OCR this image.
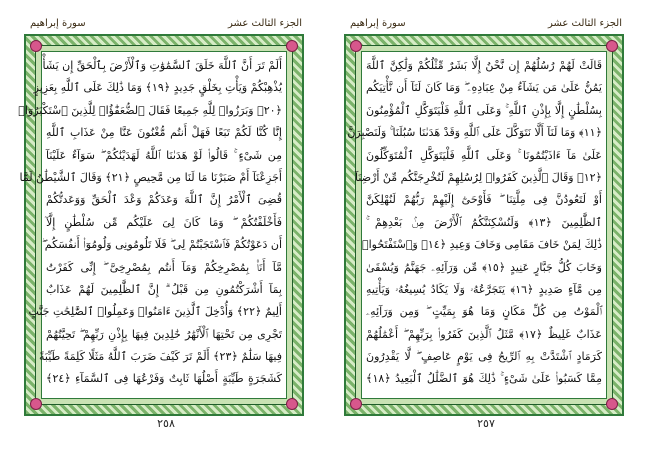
الجزء الثالث عشر
سورة إبراهيم
أَلَمْ تَرَ أَنَّ ٱللَّهَ خَلَقَ ٱلسَّمَٰوَٰتِ وَٱلْأَرْضَ بِٱلْحَقِّ إِن يَشَأْ
يُذْهِبْكُمْ وَيَأْتِ بِخَلْقٍ جَدِيدٍ ﴿١٩﴾ وَمَا ذَٰلِكَ عَلَى ٱللَّهِ بِعَزِيزٍ
﴿٢٠﴾ وَبَرَزُوا۟ لِلَّهِ جَمِيعًا فَقَالَ ٱلضُّعَفَٰٓؤُا۟ لِلَّذِينَ ٱسْتَكْبَرُوٓا۟
إِنَّا كُنَّا لَكُمْ تَبَعًا فَهَلْ أَنتُم مُّغْنُونَ عَنَّا مِنْ عَذَابِ ٱللَّهِ
مِن شَىْءٍ ۚ قَالُوا۟ لَوْ هَدَىٰنَا ٱللَّهُ لَهَدَيْنَٰكُمْ ۖ سَوَآءٌ عَلَيْنَآ
أَجَزِعْنَآ أَمْ صَبَرْنَا مَا لَنَا مِن مَّحِيصٍ ﴿٢١﴾ وَقَالَ ٱلشَّيْطَٰنُ لَمَّا
قُضِىَ ٱلْأَمْرُ إِنَّ ٱللَّهَ وَعَدَكُمْ وَعْدَ ٱلْحَقِّ وَوَعَدتُّكُمْ
فَأَخْلَفْتُكُمْ ۖ وَمَا كَانَ لِىَ عَلَيْكُم مِّن سُلْطَٰنٍ إِلَّآ
أَن دَعَوْتُكُمْ فَٱسْتَجَبْتُمْ لِى ۖ فَلَا تَلُومُونِى وَلُومُوٓا۟ أَنفُسَكُم ۖ
مَّآ أَنَا۠ بِمُصْرِخِكُمْ وَمَآ أَنتُم بِمُصْرِخِىَّ ۖ إِنِّى كَفَرْتُ
بِمَآ أَشْرَكْتُمُونِ مِن قَبْلُ ۗ إِنَّ ٱلظَّٰلِمِينَ لَهُمْ عَذَابٌ
أَلِيمٌ ﴿٢٢﴾ وَأُدْخِلَ ٱلَّذِينَ ءَامَنُوا۟ وَعَمِلُوا۟ ٱلصَّٰلِحَٰتِ جَنَّٰتٍ
تَجْرِى مِن تَحْتِهَا ٱلْأَنْهَٰرُ خَٰلِدِينَ فِيهَا بِإِذْنِ رَبِّهِمْ ۖ تَحِيَّتُهُمْ
فِيهَا سَلَٰمٌ ﴿٢٣﴾ أَلَمْ تَرَ كَيْفَ ضَرَبَ ٱللَّهُ مَثَلًا كَلِمَةً طَيِّبَةً
كَشَجَرَةٍ طَيِّبَةٍ أَصْلُهَا ثَابِتٌ وَفَرْعُهَا فِى ٱلسَّمَآءِ ﴿٢٤﴾
٢٥٨
الجزء الثالث عشر
سورة إبراهيم
قَالَتْ لَهُمْ رُسُلُهُمْ إِن نَّحْنُ إِلَّا بَشَرٌ مِّثْلُكُمْ وَلَٰكِنَّ ٱللَّهَ
يَمُنُّ عَلَىٰ مَن يَشَآءُ مِنْ عِبَادِهِۦ ۖ وَمَا كَانَ لَنَآ أَن نَّأْتِيَكُم
بِسُلْطَٰنٍ إِلَّا بِإِذْنِ ٱللَّهِ ۚ وَعَلَى ٱللَّهِ فَلْيَتَوَكَّلِ ٱلْمُؤْمِنُونَ
﴿١١﴾ وَمَا لَنَآ أَلَّا نَتَوَكَّلَ عَلَى ٱللَّهِ وَقَدْ هَدَىٰنَا سُبُلَنَا ۚ وَلَنَصْبِرَنَّ
عَلَىٰ مَآ ءَاذَيْتُمُونَا ۚ وَعَلَى ٱللَّهِ فَلْيَتَوَكَّلِ ٱلْمُتَوَكِّلُونَ
﴿١٢﴾ وَقَالَ ٱلَّذِينَ كَفَرُوا۟ لِرُسُلِهِمْ لَنُخْرِجَنَّكُم مِّنْ أَرْضِنَآ
أَوْ لَتَعُودُنَّ فِى مِلَّتِنَا ۖ فَأَوْحَىٰٓ إِلَيْهِمْ رَبُّهُمْ لَنُهْلِكَنَّ
ٱلظَّٰلِمِينَ ﴿١٣﴾ وَلَنُسْكِنَنَّكُمُ ٱلْأَرْضَ مِنۢ بَعْدِهِمْ ۚ
ذَٰلِكَ لِمَنْ خَافَ مَقَامِى وَخَافَ وَعِيدِ ﴿١٤﴾ وَٱسْتَفْتَحُوا۟
وَخَابَ كُلُّ جَبَّارٍ عَنِيدٍ ﴿١٥﴾ مِّن وَرَآئِهِۦ جَهَنَّمُ وَيُسْقَىٰ
مِن مَّآءٍ صَدِيدٍ ﴿١٦﴾ يَتَجَرَّعُهُۥ وَلَا يَكَادُ يُسِيغُهُۥ وَيَأْتِيهِ
ٱلْمَوْتُ مِن كُلِّ مَكَانٍ وَمَا هُوَ بِمَيِّتٍ ۖ وَمِن وَرَآئِهِۦ
عَذَابٌ غَلِيظٌ ﴿١٧﴾ مَّثَلُ ٱلَّذِينَ كَفَرُوا۟ بِرَبِّهِمْ ۖ أَعْمَٰلُهُمْ
كَرَمَادٍ ٱشْتَدَّتْ بِهِ ٱلرِّيحُ فِى يَوْمٍ عَاصِفٍ ۖ لَّا يَقْدِرُونَ
مِمَّا كَسَبُوا۟ عَلَىٰ شَىْءٍ ۚ ذَٰلِكَ هُوَ ٱلضَّلَٰلُ ٱلْبَعِيدُ ﴿١٨﴾
٢٥٧
